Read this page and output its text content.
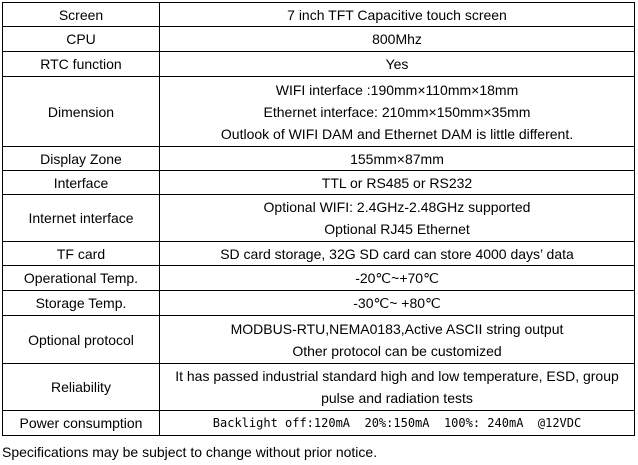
Screen	7 inch TFT Capacitive touch screen

CPU	800Mhz

RTC function	Yes

Dimension	WIFI interface :190mm×110mm×18mm
Ethernet interface: 210mm×150mm×35mm
Outlook of WIFI DAM and Ethernet DAM is little different.

Display Zone	155mm×87mm

Interface	TTL or RS485 or RS232

Internet interface	Optional WIFI: 2.4GHz-2.48GHz supported
Optional RJ45 Ethernet

TF card	SD card storage, 32G SD card can store 4000 days’ data

Operational Temp.	-20℃~+70℃

Storage Temp.	-30℃~ +80℃

Optional protocol	MODBUS-RTU,NEMA0183,Active ASCII string output
Other protocol can be customized

Reliability	It has passed industrial standard high and low temperature, ESD, group
pulse and radiation tests

Power consumption	Backlight off:120mA  20%:150mA  100%: 240mA  @12VDC
Specifications may be subject to change without prior notice.
